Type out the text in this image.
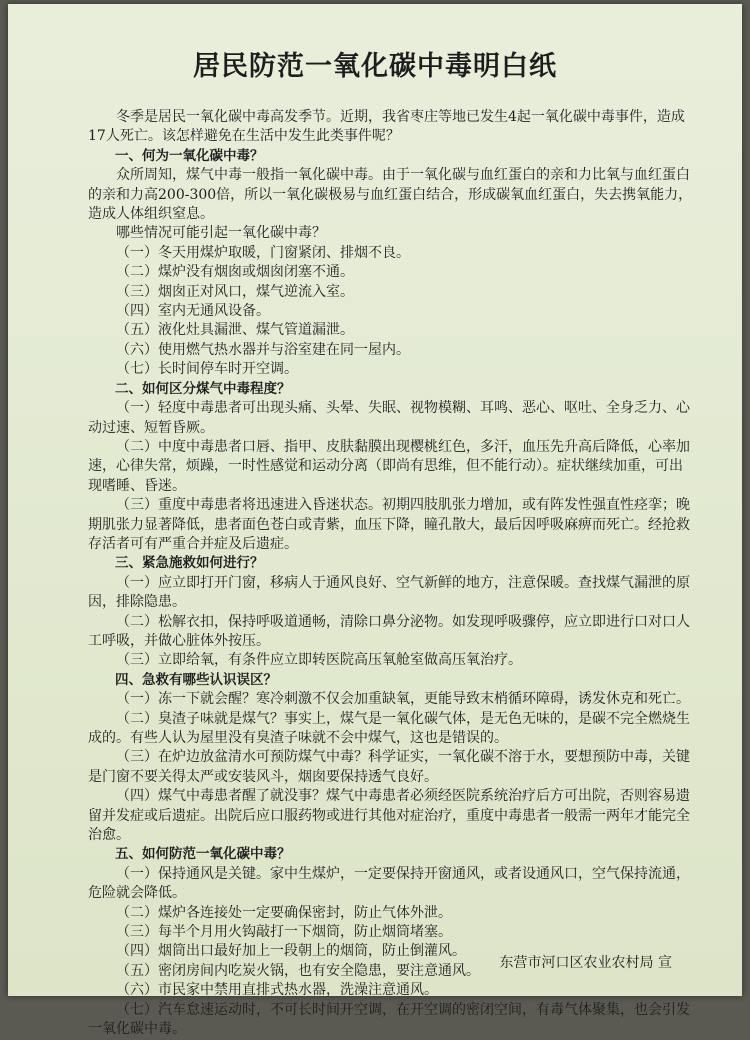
居民防范一氧化碳中毒明白纸

冬季是居民一氧化碳中毒高发季节。近期，我省枣庄等地已发生4起一氧化碳中毒事件，造成17人死亡。该怎样避免在生活中发生此类事件呢？

一、何为一氧化碳中毒？

众所周知，煤气中毒一般指一氧化碳中毒。由于一氧化碳与血红蛋白的亲和力比氧与血红蛋白的亲和力高200-300倍，所以一氧化碳极易与血红蛋白结合，形成碳氧血红蛋白，失去携氧能力，造成人体组织窒息。

哪些情况可能引起一氧化碳中毒？

（一）冬天用煤炉取暖，门窗紧闭、排烟不良。

（二）煤炉没有烟囱或烟囱闭塞不通。

（三）烟囱正对风口，煤气逆流入室。

（四）室内无通风设备。

（五）液化灶具漏泄、煤气管道漏泄。

（六）使用燃气热水器并与浴室建在同一屋内。

（七）长时间停车时开空调。

二、如何区分煤气中毒程度？

（一）轻度中毒患者可出现头痛、头晕、失眠、视物模糊、耳鸣、恶心、呕吐、全身乏力、心动过速、短暂昏厥。

（二）中度中毒患者口唇、指甲、皮肤黏膜出现樱桃红色，多汗，血压先升高后降低，心率加速，心律失常，烦躁，一时性感觉和运动分离（即尚有思维，但不能行动）。症状继续加重，可出现嗜睡、昏迷。

（三）重度中毒患者将迅速进入昏迷状态。初期四肢肌张力增加，或有阵发性强直性痉挛；晚期肌张力显著降低，患者面色苍白或青紫，血压下降，瞳孔散大，最后因呼吸麻痹而死亡。经抢救存活者可有严重合并症及后遗症。

三、紧急施救如何进行？

（一）应立即打开门窗，移病人于通风良好、空气新鲜的地方，注意保暖。查找煤气漏泄的原因，排除隐患。

（二）松解衣扣，保持呼吸道通畅，清除口鼻分泌物。如发现呼吸骤停，应立即进行口对口人工呼吸，并做心脏体外按压。

（三）立即给氧，有条件应立即转医院高压氧舱室做高压氧治疗。

四、急救有哪些认识误区？

（一）冻一下就会醒？寒冷刺激不仅会加重缺氧，更能导致末梢循环障碍，诱发休克和死亡。

（二）臭渣子味就是煤气？事实上，煤气是一氧化碳气体，是无色无味的，是碳不完全燃烧生成的。有些人认为屋里没有臭渣子味就不会中煤气，这也是错误的。

（三）在炉边放盆清水可预防煤气中毒？科学证实，一氧化碳不溶于水，要想预防中毒，关键是门窗不要关得太严或安装风斗，烟囱要保持透气良好。

（四）煤气中毒患者醒了就没事？煤气中毒患者必须经医院系统治疗后方可出院，否则容易遗留并发症或后遗症。出院后应口服药物或进行其他对症治疗，重度中毒患者一般需一两年才能完全治愈。

五、如何防范一氧化碳中毒？

（一）保持通风是关键。家中生煤炉，一定要保持开窗通风，或者设通风口，空气保持流通，危险就会降低。

（二）煤炉各连接处一定要确保密封，防止气体外泄。

（三）每半个月用火钩敲打一下烟筒，防止烟筒堵塞。

（四）烟筒出口最好加上一段朝上的烟筒，防止倒灌风。

（五）密闭房间内吃炭火锅，也有安全隐患，要注意通风。

（六）市民家中禁用直排式热水器，洗澡注意通风。

（七）汽车怠速运动时，不可长时间开空调，在开空调的密闭空间，有毒气体聚集，也会引发一氧化碳中毒。

东营市河口区农业农村局 宣
